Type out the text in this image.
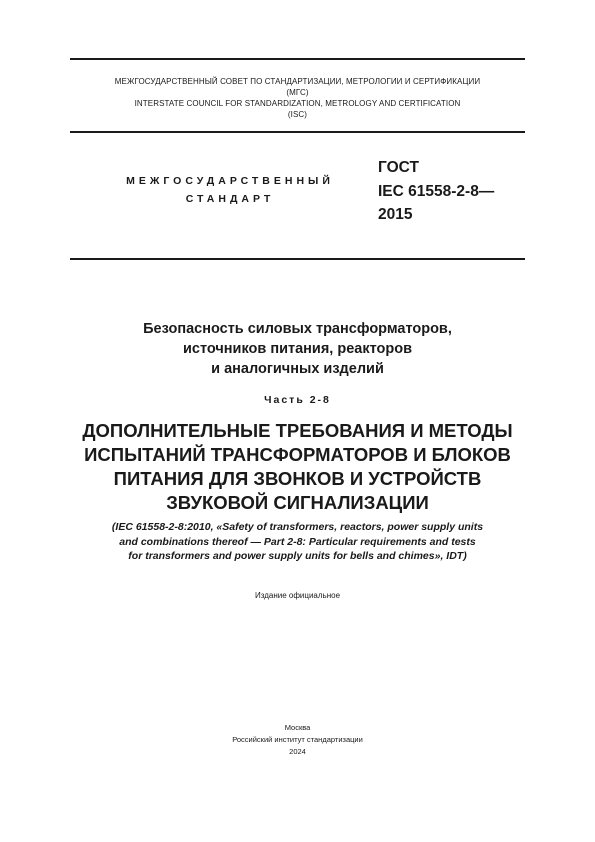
МЕЖГОСУДАРСТВЕННЫЙ СОВЕТ ПО СТАНДАРТИЗАЦИИ, МЕТРОЛОГИИ И СЕРТИФИКАЦИИ
(МГС)
INTERSTATE COUNCIL FOR STANDARDIZATION, METROLOGY AND CERTIFICATION
(ISC)
МЕЖГОСУДАРСТВЕННЫЙ
СТАНДАРТ
ГОСТ
IEC 61558-2-8—
2015
Безопасность силовых трансформаторов,
источников питания, реакторов
и аналогичных изделий
Часть 2-8
ДОПОЛНИТЕЛЬНЫЕ ТРЕБОВАНИЯ И МЕТОДЫ
ИСПЫТАНИЙ ТРАНСФОРМАТОРОВ И БЛОКОВ
ПИТАНИЯ ДЛЯ ЗВОНКОВ И УСТРОЙСТВ
ЗВУКОВОЙ СИГНАЛИЗАЦИИ
(IEC 61558-2-8:2010, «Safety of transformers, reactors, power supply units
and combinations thereof — Part 2-8: Particular requirements and tests
for transformers and power supply units for bells and chimes», IDT)
Издание официальное
Москва
Российский институт стандартизации
2024
